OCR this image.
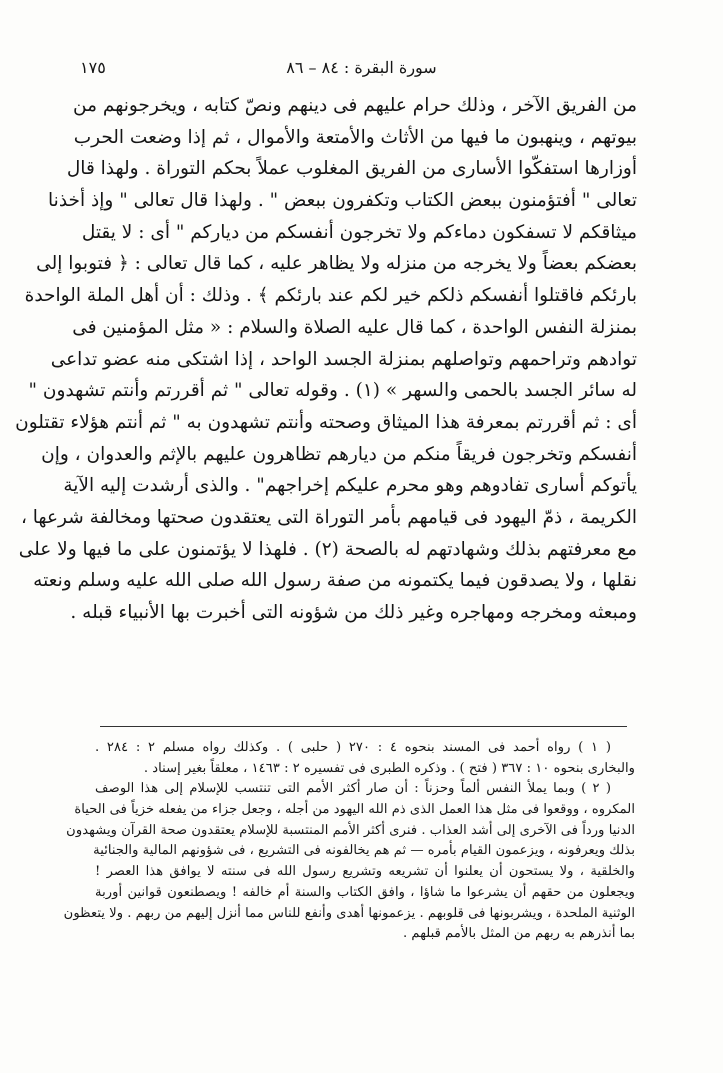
سورة البقرة : ٨٤ – ٨٦
١٧٥
من الفريق الآخر ، وذلك حرام عليهم فى دينهم ونصّ كتابه ، ويخرجونهم من
بيوتهم ، وينهبون ما فيها من الأثاث والأمتعة والأموال ، ثم إذا وضعت الحرب
أوزارها استفكّوا الأسارى من الفريق المغلوب عملاً بحكم التوراة . ولهذا قال
تعالى " أفتؤمنون ببعض الكتاب وتكفرون ببعض " . ولهذا قال تعالى " وإذ أخذنا
ميثاقكم لا تسفكون دماءكم ولا تخرجون أنفسكم من دياركم " أى : لا يقتل
بعضكم بعضاً ولا يخرجه من منزله ولا يظاهر عليه ، كما قال تعالى : ﴿ فتوبوا إلى
بارئكم فاقتلوا أنفسكم ذلكم خير لكم عند بارئكم ﴾ . وذلك : أن أهل الملة الواحدة
بمنزلة النفس الواحدة ، كما قال عليه الصلاة والسلام : « مثل المؤمنين فى
توادهم وتراحمهم وتواصلهم بمنزلة الجسد الواحد ، إذا اشتكى منه عضو تداعى
له سائر الجسد بالحمى والسهر » (١) . وقوله تعالى " ثم أقررتم وأنتم تشهدون "
أى : ثم أقررتم بمعرفة هذا الميثاق وصحته وأنتم تشهدون به " ثم أنتم هؤلاء تقتلون
أنفسكم وتخرجون فريقاً منكم من ديارهم تظاهرون عليهم بالإثم والعدوان ، وإن
يأتوكم أسارى تفادوهم وهو محرم عليكم إخراجهم" . والذى أرشدت إليه الآية
الكريمة ، ذمّ اليهود فى قيامهم بأمر التوراة التى يعتقدون صحتها ومخالفة شرعها ،
مع معرفتهم بذلك وشهادتهم له بالصحة (٢) . فلهذا لا يؤتمنون على ما فيها ولا على
نقلها ، ولا يصدقون فيما يكتمونه من صفة رسول الله صلى الله عليه وسلم ونعته
ومبعثه ومخرجه ومهاجره وغير ذلك من شؤونه التى أخبرت بها الأنبياء قبله .
( ١ ) رواه أحمد فى المسند بنحوه ٤ : ٢٧٠ ( حلبى ) . وكذلك رواه مسلم ٢ : ٢٨٤ .
والبخارى بنحوه ١٠ : ٣٦٧ ( فتح ) . وذكره الطبرى فى تفسيره ٢ : ١٤٦٣ ، معلقاً بغير إسناد .
( ٢ ) وبما يملأ النفس ألماً وحزناً : أن صار أكثر الأمم التى تنتسب للإسلام إلى هذا الوصف
المكروه ، ووقعوا فى مثل هذا العمل الذى ذم الله اليهود من أجله ، وجعل جزاء من يفعله خزياً فى الحياة
الدنيا ورداً فى الآخرى إلى أشد العذاب . فنرى أكثر الأمم المنتسبة للإسلام يعتقدون صحة القرآن ويشهدون
بذلك ويعرفونه ، ويزعمون القيام بأمره — ثم هم يخالفونه فى التشريع ، فى شؤونهم المالية والجنائية
والخلقية ، ولا يستحون أن يعلنوا أن تشريعه وتشريع رسول الله فى سنته لا يوافق هذا العصر !
ويجعلون من حقهم أن يشرعوا ما شاؤا ، وافق الكتاب والسنة أم خالفه ! ويصطنعون قوانين أوربة
الوثنية الملحدة ، ويشربونها فى قلوبهم . يزعمونها أهدى وأنفع للناس مما أنزل إليهم من ربهم . ولا يتعظون
بما أنذرهم به ربهم من المثل بالأمم قبلهم .
